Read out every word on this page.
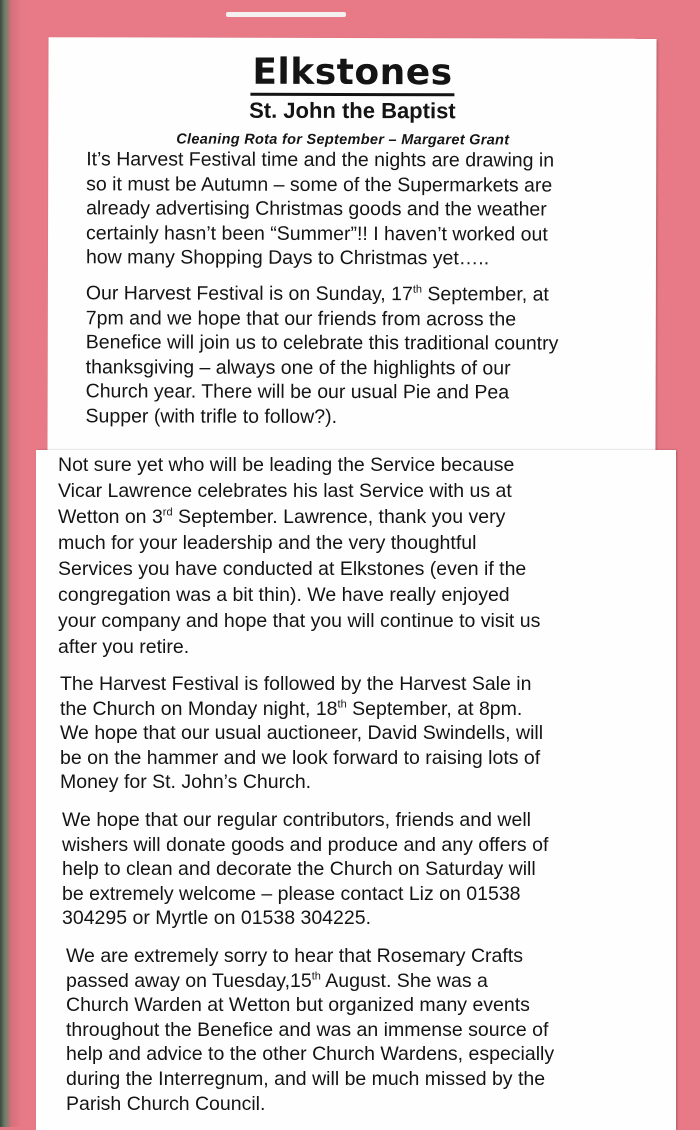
Elkstones
St. John the Baptist
Cleaning Rota for September – Margaret Grant
It’s Harvest Festival time and the nights are drawing in
so it must be Autumn – some of the Supermarkets are
already advertising Christmas goods and the weather
certainly hasn’t been “Summer”!! I haven’t worked out
how many Shopping Days to Christmas yet…..
Our Harvest Festival is on Sunday, 17th September, at
7pm and we hope that our friends from across the
Benefice will join us to celebrate this traditional country
thanksgiving – always one of the highlights of our
Church year. There will be our usual Pie and Pea
Supper (with trifle to follow?).
Not sure yet who will be leading the Service because
Vicar Lawrence celebrates his last Service with us at
Wetton on 3rd September. Lawrence, thank you very
much for your leadership and the very thoughtful
Services you have conducted at Elkstones (even if the
congregation was a bit thin). We have really enjoyed
your company and hope that you will continue to visit us
after you retire.
The Harvest Festival is followed by the Harvest Sale in
the Church on Monday night, 18th September, at 8pm.
We hope that our usual auctioneer, David Swindells, will
be on the hammer and we look forward to raising lots of
Money for St. John’s Church.
We hope that our regular contributors, friends and well
wishers will donate goods and produce and any offers of
help to clean and decorate the Church on Saturday will
be extremely welcome – please contact Liz on 01538
304295 or Myrtle on 01538 304225.
We are extremely sorry to hear that Rosemary Crafts
passed away on Tuesday,15th August. She was a
Church Warden at Wetton but organized many events
throughout the Benefice and was an immense source of
help and advice to the other Church Wardens, especially
during the Interregnum, and will be much missed by the
Parish Church Council.
